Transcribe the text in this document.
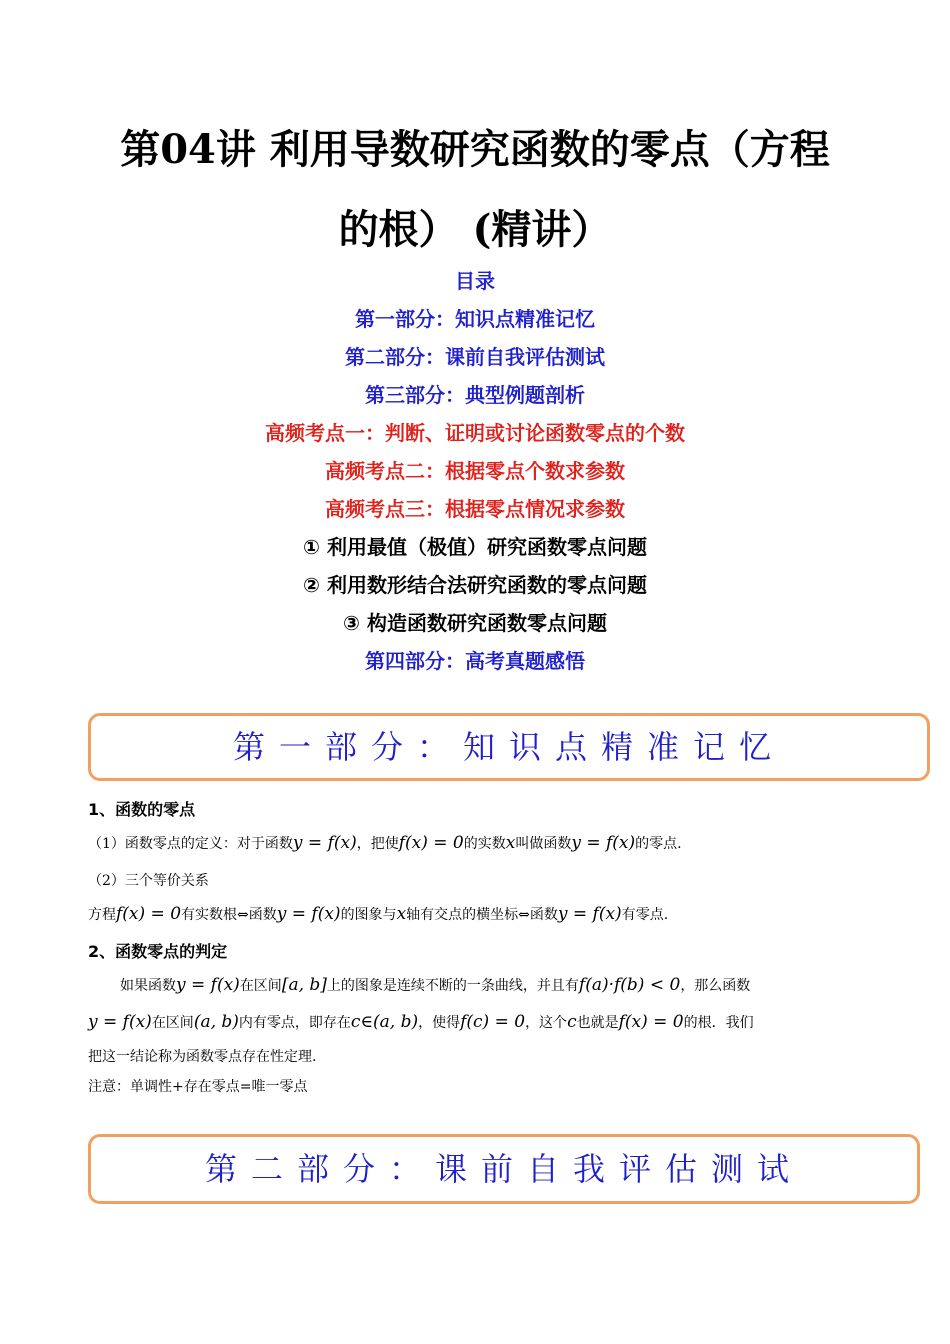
第04讲 利用导数研究函数的零点（方程
的根） (精讲）
目录
第一部分：知识点精准记忆
第二部分：课前自我评估测试
第三部分：典型例题剖析
高频考点一：判断、证明或讨论函数零点的个数
高频考点二：根据零点个数求参数
高频考点三：根据零点情况求参数
① 利用最值（极值）研究函数零点问题
② 利用数形结合法研究函数的零点问题
③ 构造函数研究函数零点问题
第四部分：高考真题感悟
第一部分：知识点精准记忆
1、函数的零点
（1）函数零点的定义：对于函数y = f(x)，把使f(x) = 0的实数x叫做函数y = f(x)的零点.
（2）三个等价关系
方程f(x) = 0有实数根⇔函数y = f(x)的图象与x轴有交点的横坐标⇔函数y = f(x)有零点.
2、函数零点的判定
如果函数y = f(x)在区间[a, b]上的图象是连续不断的一条曲线，并且有f(a)·f(b) < 0，那么函数
y = f(x)在区间(a, b)内有零点，即存在c∈(a, b)，使得f(c) = 0，这个c也就是f(x) = 0的根．我们
把这一结论称为函数零点存在性定理.
注意：单调性+存在零点=唯一零点
第二部分：课前自我评估测试
